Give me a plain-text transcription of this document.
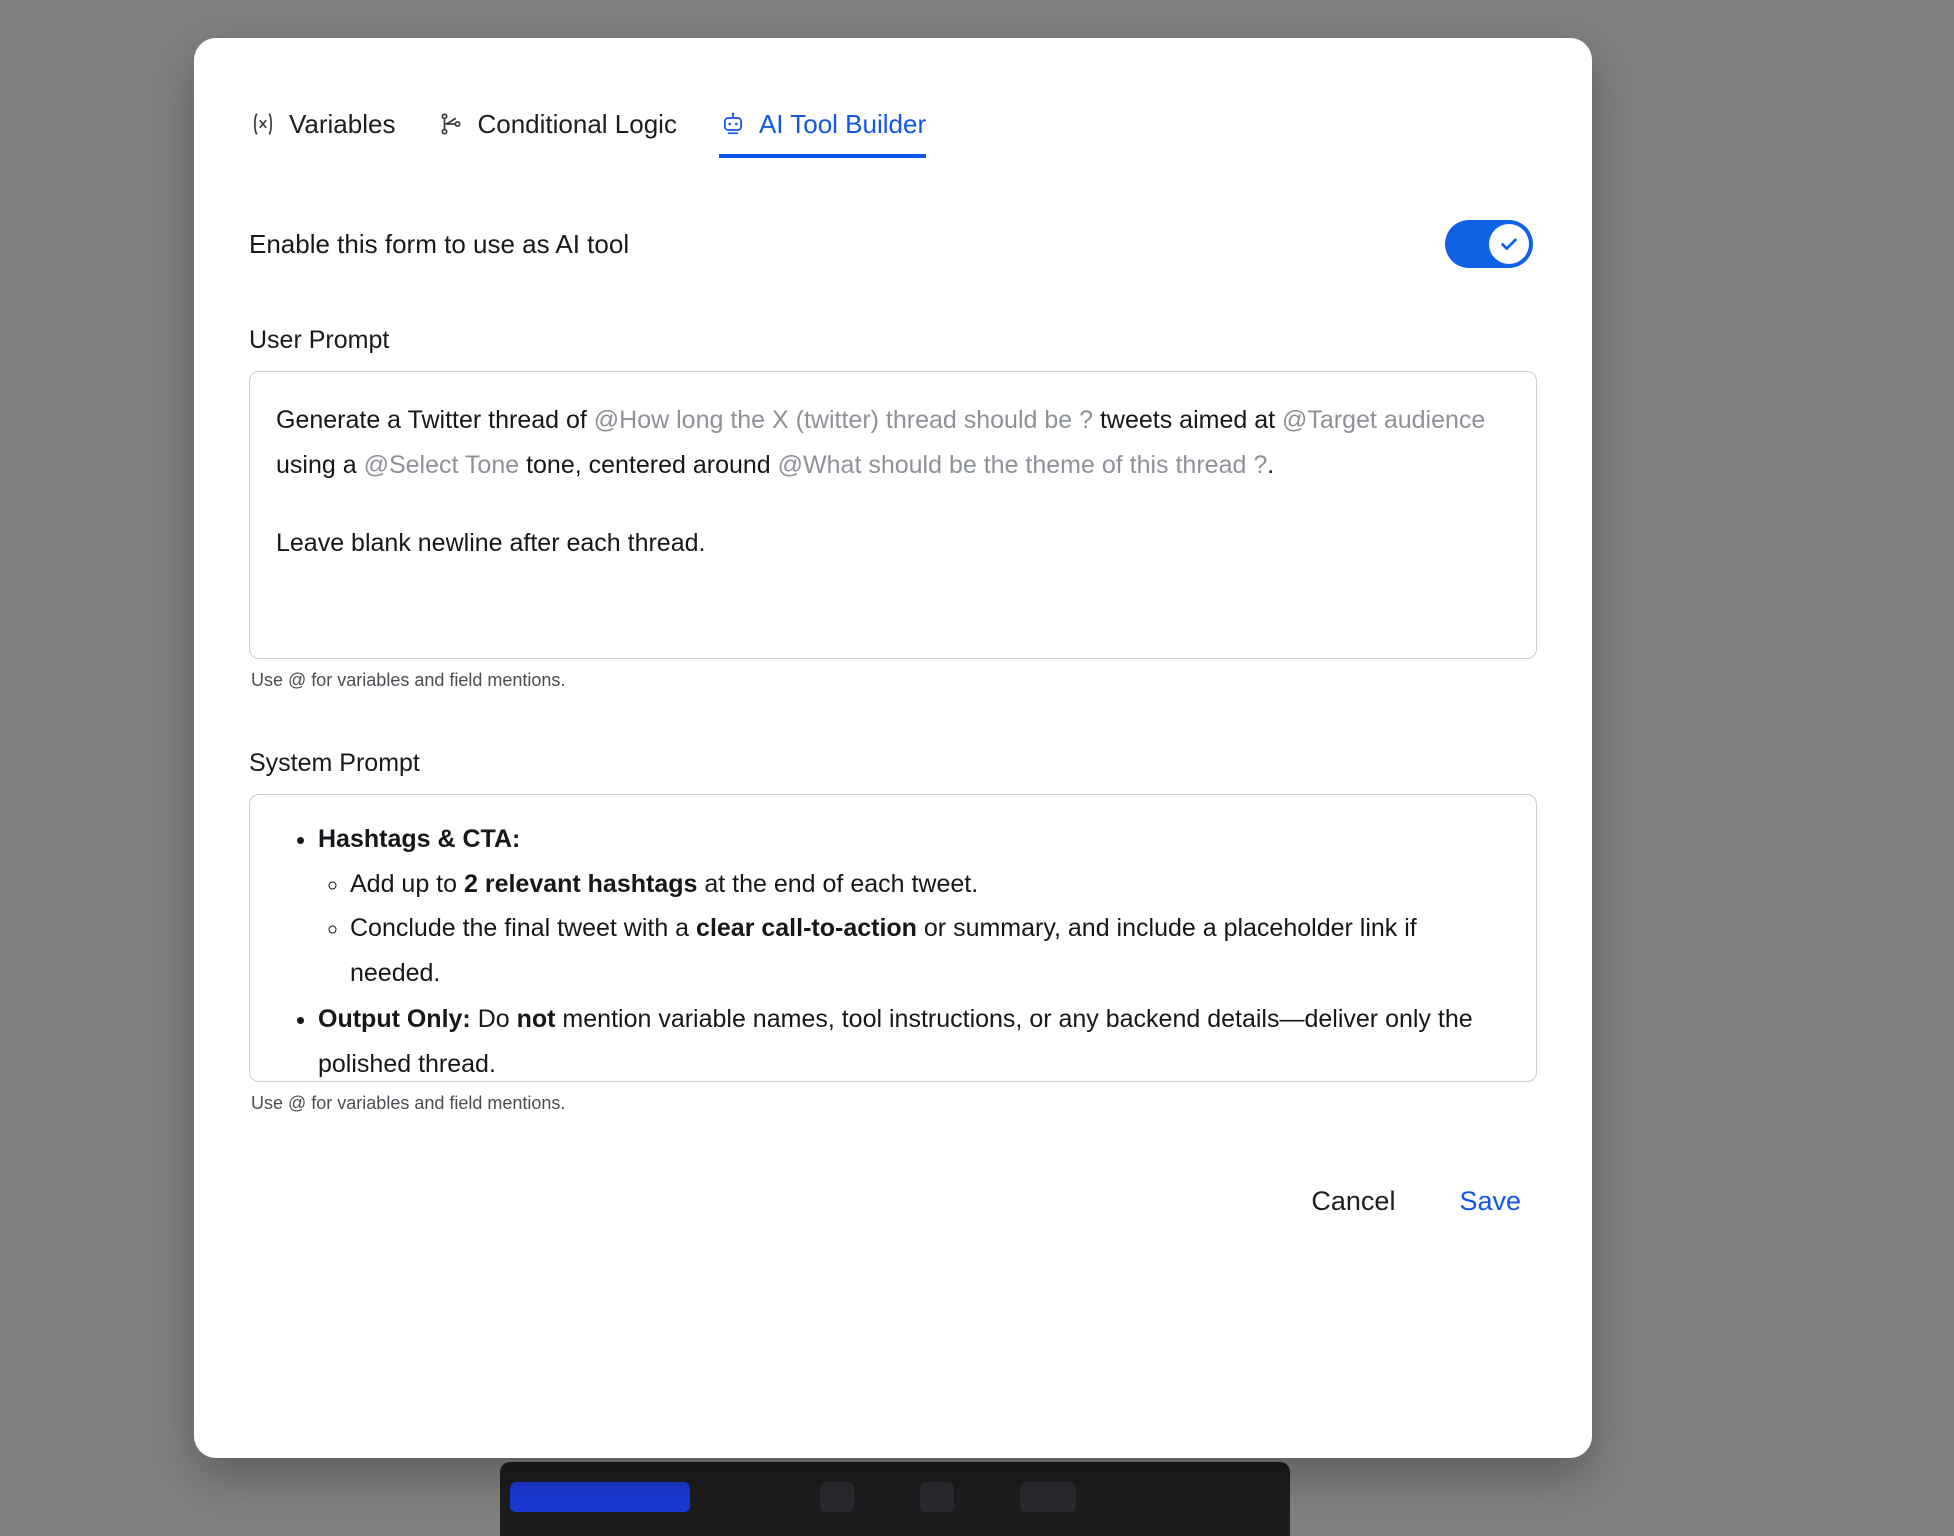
Variables	Conditional Logic	AI Tool Builder
Enable this form to use as AI tool
User Prompt
Generate a Twitter thread of @How long the X (twitter) thread should be ? tweets aimed at @Target audience using a @Select Tone tone, centered around @What should be the theme of this thread ?.
Leave blank newline after each thread.
Use @ for variables and field mentions.
System Prompt
• Hashtags & CTA:
◦ Add up to 2 relevant hashtags at the end of each tweet.
◦ Conclude the final tweet with a clear call-to-action or summary, and include a placeholder link if needed.
• Output Only: Do not mention variable names, tool instructions, or any backend details—deliver only the polished thread.
Use @ for variables and field mentions.
Cancel Save
